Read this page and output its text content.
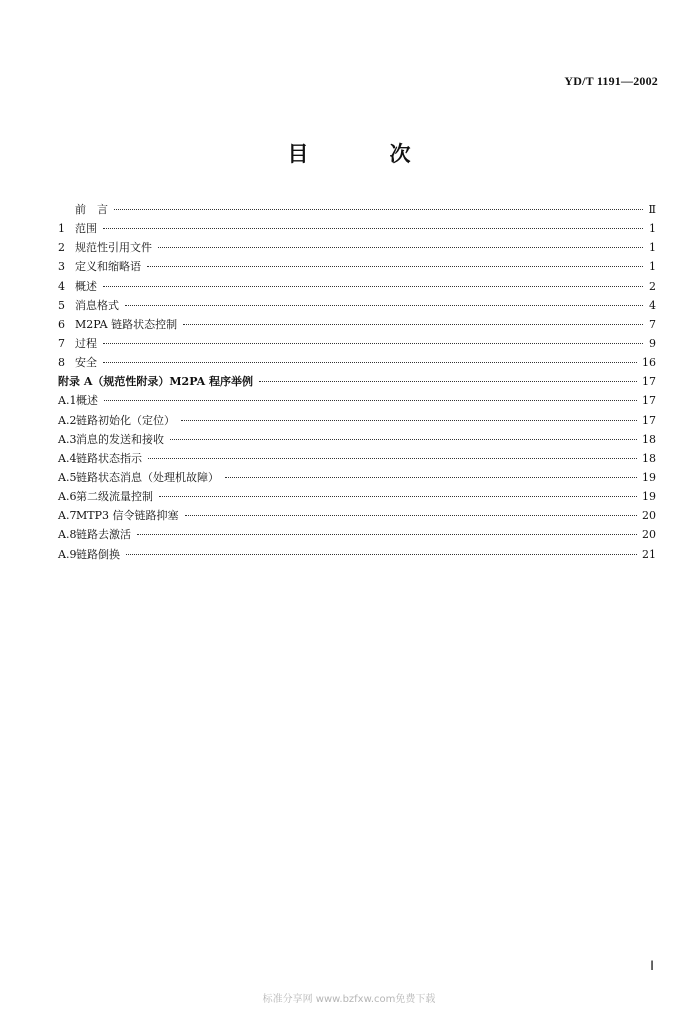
YD/T 1191—2002
目　次
前　言	Ⅱ
1 范围	1
2 规范性引用文件	1
3 定义和缩略语	1
4 概述	2
5 消息格式	4
6 M2PA 链路状态控制	7
7 过程	9
8 安全	16
附录 A（规范性附录）M2PA 程序举例	17
A.1 概述	17
A.2 链路初始化（定位）	17
A.3 消息的发送和接收	18
A.4 链路状态指示	18
A.5 链路状态消息（处理机故障）	19
A.6 第二级流量控制	19
A.7 MTP3 信令链路抑塞	20
A.8 链路去激活	20
A.9 链路倒换	21
Ⅰ
标准分享网 www.bzfxw.com免费下载
